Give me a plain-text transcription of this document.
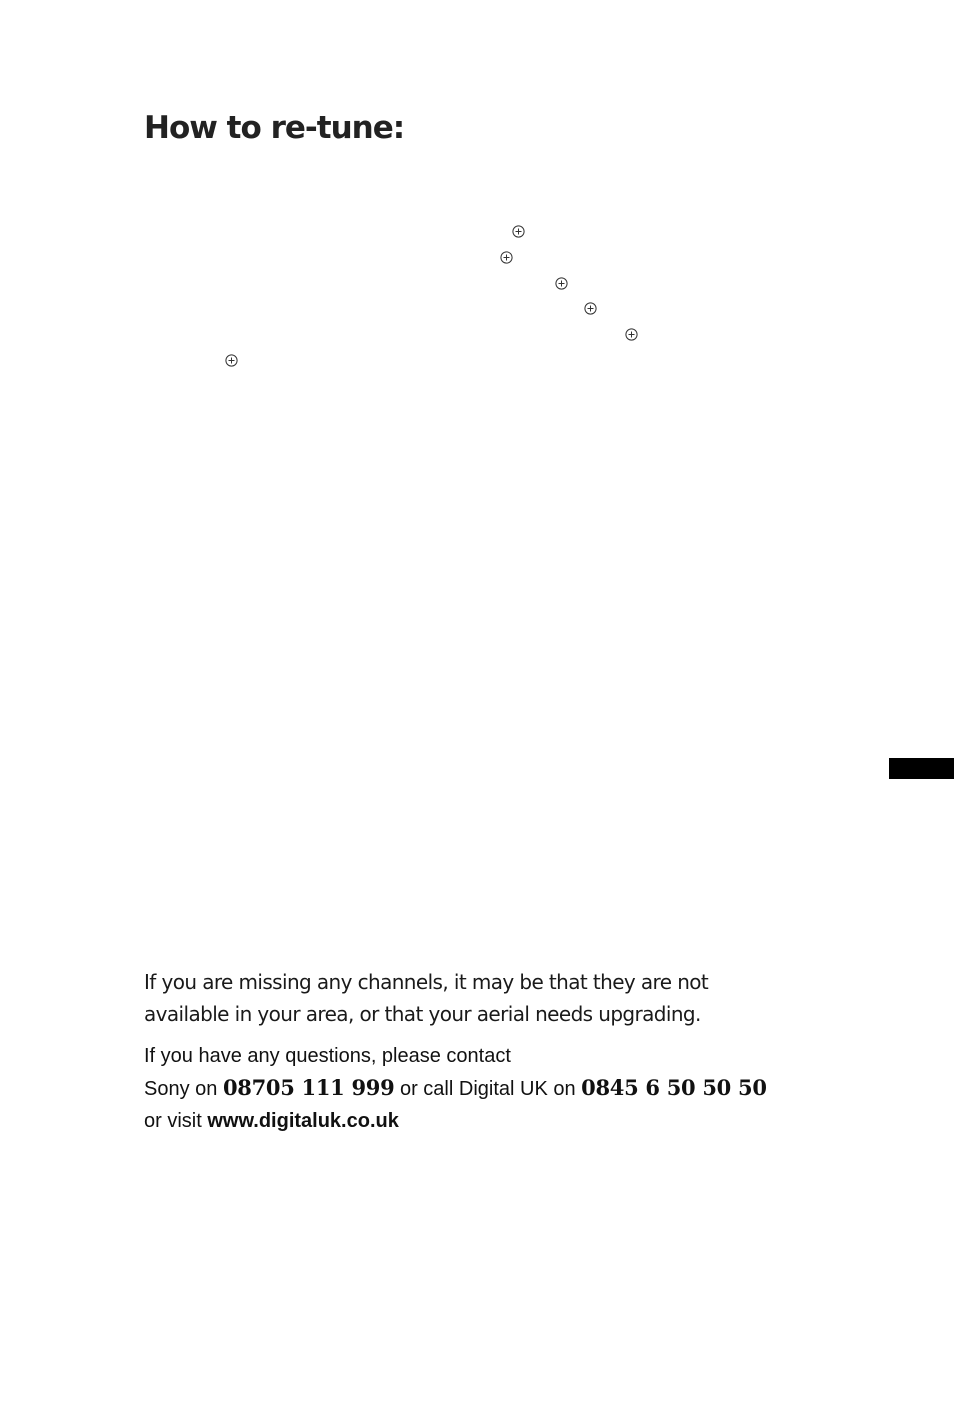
How to re-tune:

If you are missing any channels, it may be that they are not
available in your area, or that your aerial needs upgrading.

If you have any questions, please contact
Sony on 08705 111 999 or call Digital UK on 0845 6 50 50 50
or visit www.digitaluk.co.uk
